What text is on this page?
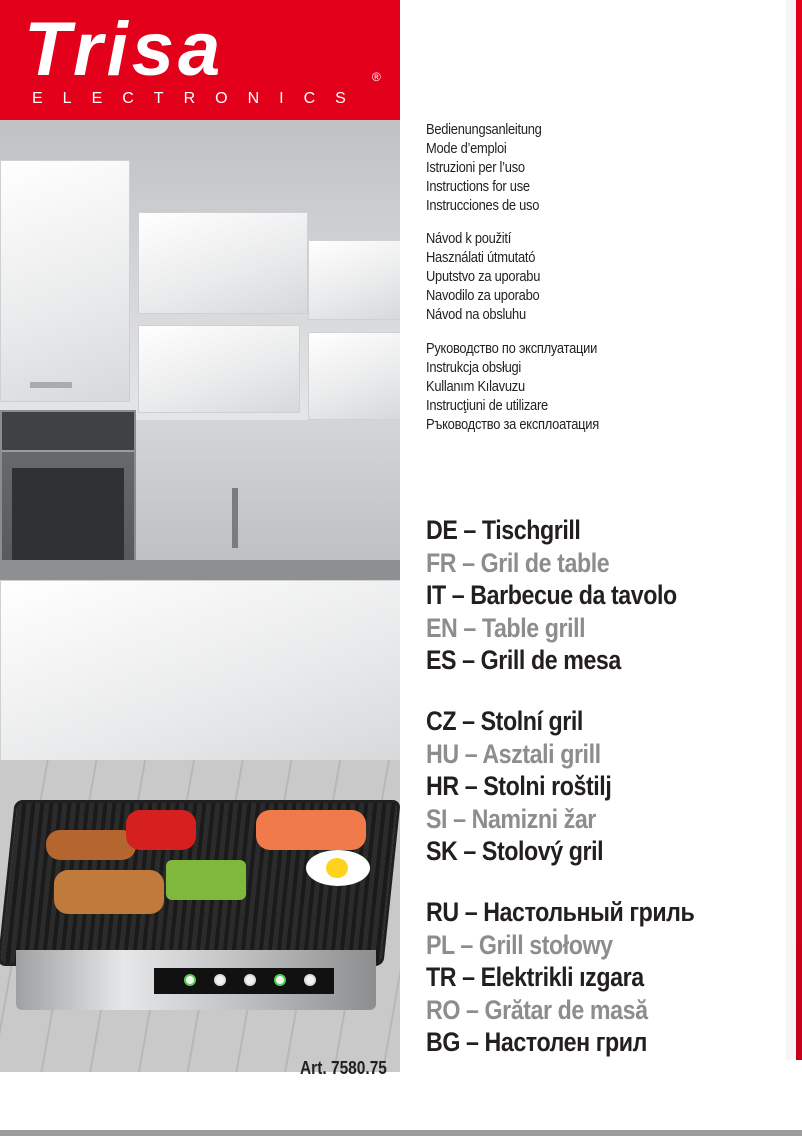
Trisa	®
ELECTRONICS
Bedienungsanleitung
Mode d’emploi
Istruzioni per l’uso
Instructions for use
Instrucciones de uso
Návod k použití
Használati útmutató
Uputstvo za uporabu
Navodilo za uporabo
Návod na obsluhu
Руководство по эксплуатации
Instrukcja obsługi
Kullanım Kılavuzu
Instrucţiuni de utilizare
Ръководство за експлоатация
DE – Tischgrill
FR – Gril de table
IT – Barbecue da tavolo
EN – Table grill
ES – Grill de mesa
CZ – Stolní gril
HU – Asztali grill
HR – Stolni roštilj
SI – Namizni žar
SK – Stolový gril
RU – Настольный гриль
PL – Grill stołowy
TR – Elektrikli ızgara
RO – Grătar de masă
BG – Настолен грил
Art. 7580.75
